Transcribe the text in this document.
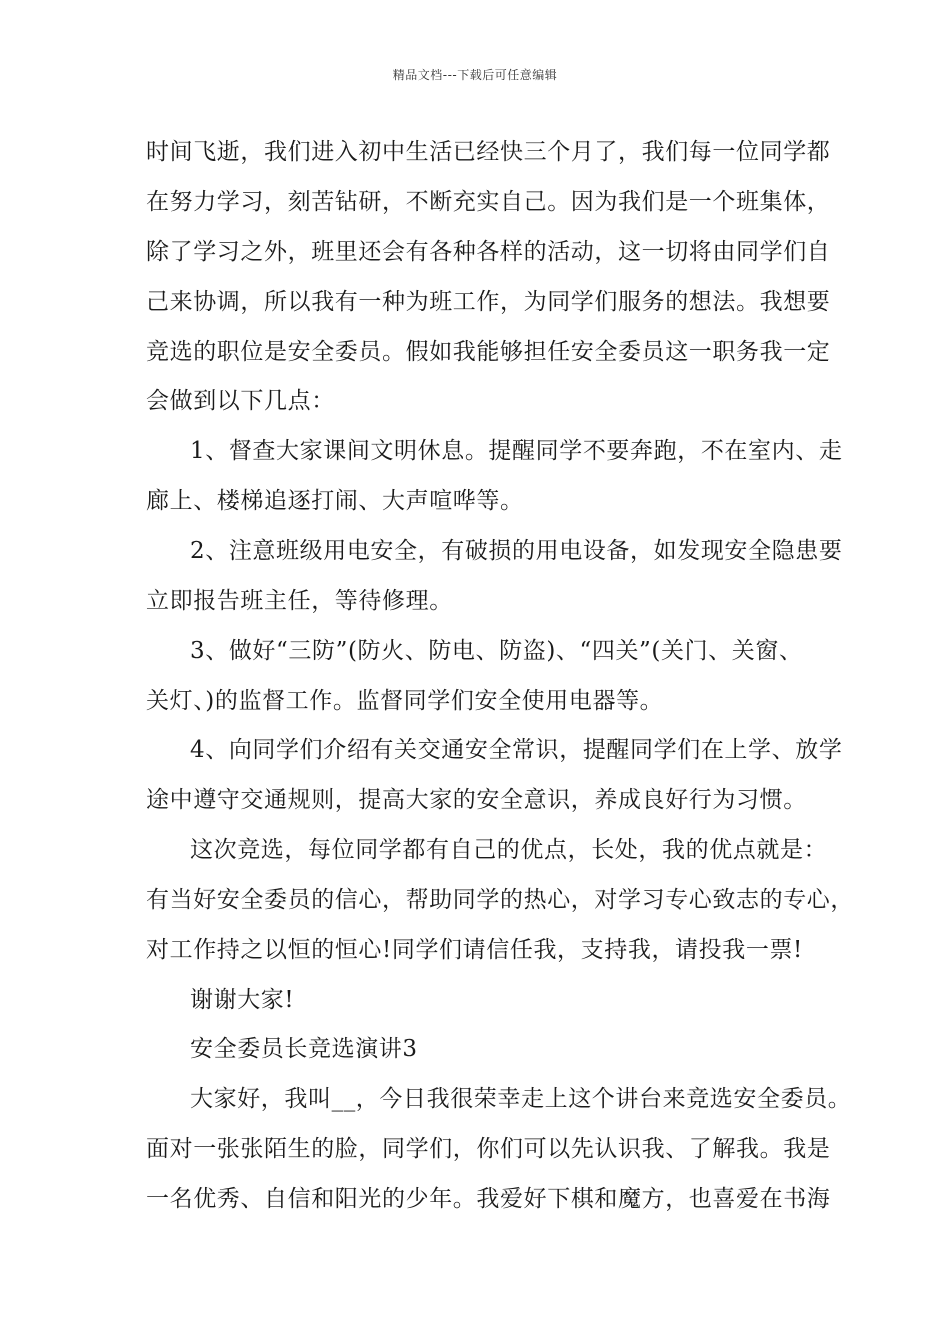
精品文档---下载后可任意编辑
时间飞逝，我们进入初中生活已经快三个月了，我们每一位同学都
在努力学习，刻苦钻研，不断充实自己。因为我们是一个班集体，
除了学习之外，班里还会有各种各样的活动，这一切将由同学们自
己来协调，所以我有一种为班工作，为同学们服务的想法。我想要
竞选的职位是安全委员。假如我能够担任安全委员这一职务我一定
会做到以下几点：
1、督查大家课间文明休息。提醒同学不要奔跑，不在室内、走
廊上、楼梯追逐打闹、大声喧哗等。
2、注意班级用电安全，有破损的用电设备，如发现安全隐患要
立即报告班主任，等待修理。
3、做好“三防”(防火、防电、防盗)、“四关”(关门、关窗、
关灯、)的监督工作。监督同学们安全使用电器等。
4、向同学们介绍有关交通安全常识，提醒同学们在上学、放学
途中遵守交通规则，提高大家的安全意识，养成良好行为习惯。
这次竞选，每位同学都有自己的优点，长处，我的优点就是：
有当好安全委员的信心，帮助同学的热心，对学习专心致志的专心，
对工作持之以恒的恒心!同学们请信任我，支持我，请投我一票!
谢谢大家!
安全委员长竞选演讲3
大家好，我叫__，今日我很荣幸走上这个讲台来竞选安全委员。
面对一张张陌生的脸，同学们，你们可以先认识我、了解我。我是
一名优秀、自信和阳光的少年。我爱好下棋和魔方，也喜爱在书海
